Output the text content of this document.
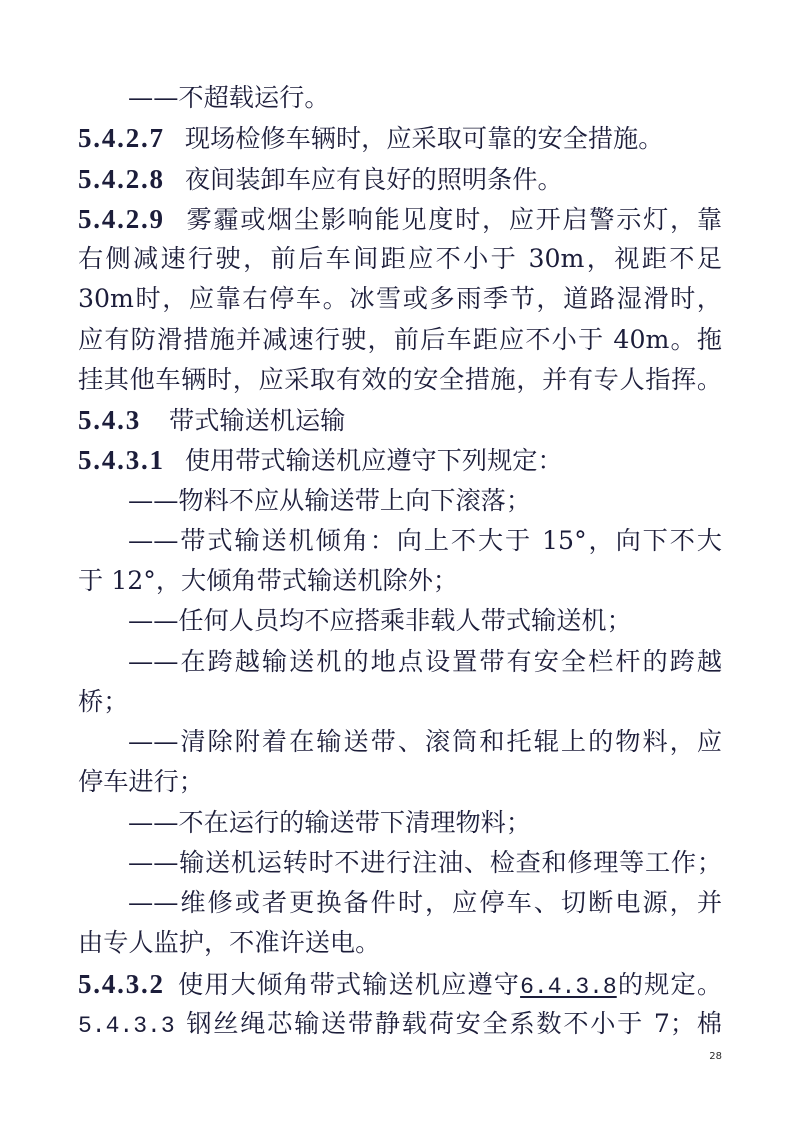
——不超载运行。
5.4.2.7 现场检修车辆时，应采取可靠的安全措施。
5.4.2.8 夜间装卸车应有良好的照明条件。
5.4.2.9 雾霾或烟尘影响能见度时，应开启警示灯，靠
右侧减速行驶，前后车间距应不小于 30m，视距不足
30m时，应靠右停车。冰雪或多雨季节，道路湿滑时，
应有防滑措施并减速行驶，前后车距应不小于 40m。拖
挂其他车辆时，应采取有效的安全措施，并有专人指挥。
5.4.3 带式输送机运输
5.4.3.1 使用带式输送机应遵守下列规定：
——物料不应从输送带上向下滚落；
——带式输送机倾角：向上不大于 15°，向下不大
于 12°，大倾角带式输送机除外；
——任何人员均不应搭乘非载人带式输送机；
——在跨越输送机的地点设置带有安全栏杆的跨越
桥；
——清除附着在输送带、滚筒和托辊上的物料，应
停车进行；
——不在运行的输送带下清理物料；
——输送机运转时不进行注油、检查和修理等工作；
——维修或者更换备件时，应停车、切断电源，并
由专人监护，不准许送电。
5.4.3.2 使用大倾角带式输送机应遵守6.4.3.8的规定。
5.4.3.3 钢丝绳芯输送带静载荷安全系数不小于 7；棉
28
